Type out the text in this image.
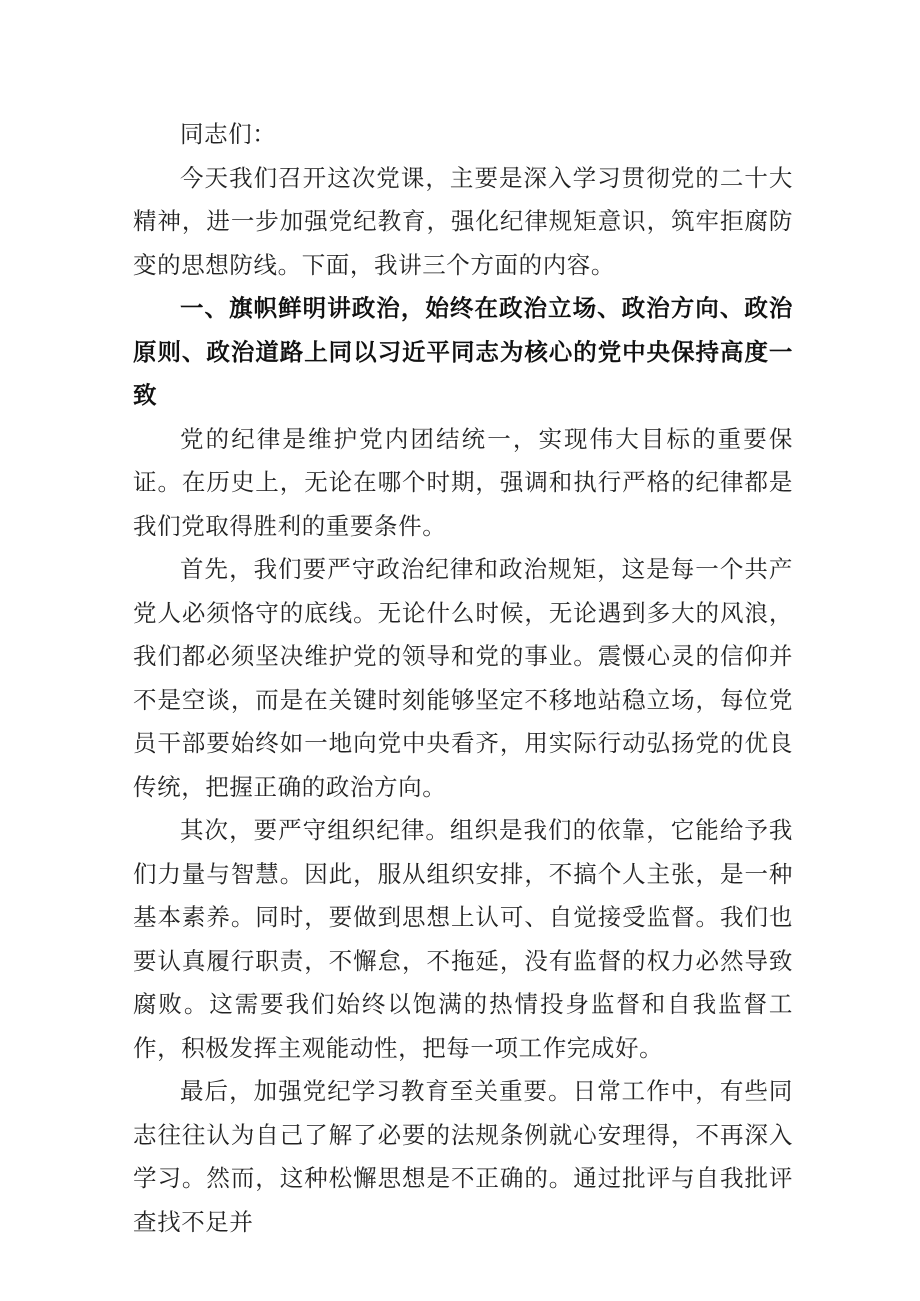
同志们：

今天我们召开这次党课，主要是深入学习贯彻党的二十大精神，进一步加强党纪教育，强化纪律规矩意识，筑牢拒腐防变的思想防线。下面，我讲三个方面的内容。

一、旗帜鲜明讲政治，始终在政治立场、政治方向、政治原则、政治道路上同以习近平同志为核心的党中央保持高度一致

党的纪律是维护党内团结统一，实现伟大目标的重要保证。在历史上，无论在哪个时期，强调和执行严格的纪律都是我们党取得胜利的重要条件。

首先，我们要严守政治纪律和政治规矩，这是每一个共产党人必须恪守的底线。无论什么时候，无论遇到多大的风浪，我们都必须坚决维护党的领导和党的事业。震慑心灵的信仰并不是空谈，而是在关键时刻能够坚定不移地站稳立场，每位党员干部要始终如一地向党中央看齐，用实际行动弘扬党的优良传统，把握正确的政治方向。

其次，要严守组织纪律。组织是我们的依靠，它能给予我们力量与智慧。因此，服从组织安排，不搞个人主张，是一种基本素养。同时，要做到思想上认可、自觉接受监督。我们也要认真履行职责，不懈怠，不拖延，没有监督的权力必然导致腐败。这需要我们始终以饱满的热情投身监督和自我监督工作，积极发挥主观能动性，把每一项工作完成好。

最后，加强党纪学习教育至关重要。日常工作中，有些同志往往认为自己了解了必要的法规条例就心安理得，不再深入学习。然而，这种松懈思想是不正确的。通过批评与自我批评查找不足并
